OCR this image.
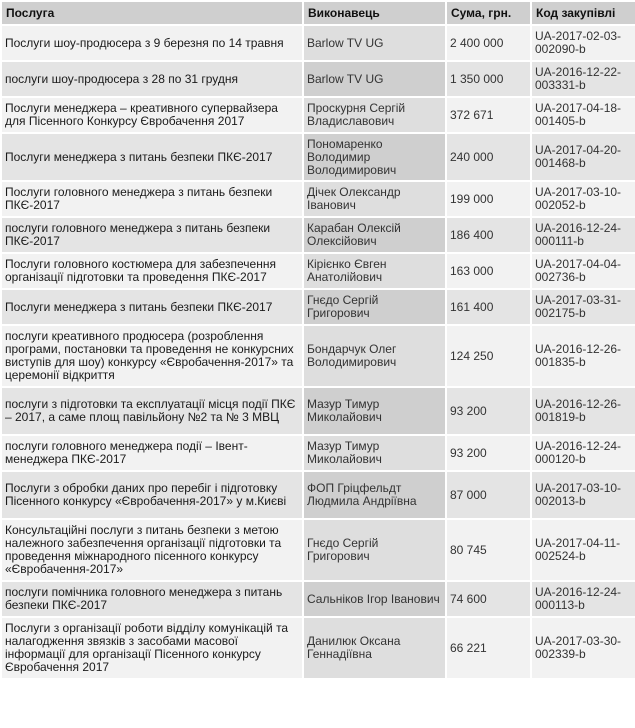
Послуга	Виконавець	Сума, грн.	Код закупівлі
Послуги шоу-продюсера з 9 березня по 14 травня	Barlow TV UG	2 400 000	UA-2017-02-03-002090-b
послуги шоу-продюсера з 28 по 31 грудня	Barlow TV UG	1 350 000	UA-2016-12-22-003331-b
Послуги менеджера – креативного супервайзера для Пісенного Конкурсу Євробачення 2017	Проскурня Сергій Владиславович	372 671	UA-2017-04-18-001405-b
Послуги менеджера з питань безпеки ПКЄ-2017	Пономаренко Володимир Володимирович	240 000	UA-2017-04-20-001468-b
Послуги головного менеджера з питань безпеки ПКЄ-2017	Дічек Олександр Іванович	199 000	UA-2017-03-10-002052-b
послуги головного менеджера з питань безпеки ПКЄ-2017	Карабан Олексій Олексійович	186 400	UA-2016-12-24-000111-b
Послуги головного костюмера для забезпечення організації підготовки та проведення ПКЄ-2017	Кірієнко Євген Анатолійович	163 000	UA-2017-04-04-002736-b
Послуги менеджера з питань безпеки ПКЄ-2017	Гнєдо Сергій Григорович	161 400	UA-2017-03-31-002175-b
послуги креативного продюсера (розроблення програми, постановки та проведення не конкурсних виступів для шоу) конкурсу «Євробачення-2017» та церемонії відкриття	Бондарчук Олег Володимирович	124 250	UA-2016-12-26-001835-b
послуги з підготовки та експлуатації місця події ПКЄ – 2017, а саме площ павільйону №2 та № 3 МВЦ	Мазур Тимур Миколайович	93 200	UA-2016-12-26-001819-b
послуги головного менеджера події – Івент-менеджера ПКЄ-2017	Мазур Тимур Миколайович	93 200	UA-2016-12-24-000120-b
Послуги з обробки даних про перебіг і підготовку Пісенного конкурсу «Євробачення-2017» у м.Києві	ФОП Гріцфельдт Людмила Андріївна	87 000	UA-2017-03-10-002013-b
Консультаційні послуги з питань безпеки з метою належного забезпечення організації підготовки та проведення міжнародного пісенного конкурсу «Євробачення-2017»	Гнєдо Сергій Григорович	80 745	UA-2017-04-11-002524-b
послуги помічника головного менеджера з питань безпеки ПКЄ-2017	Сальніков Ігор Іванович	74 600	UA-2016-12-24-000113-b
Послуги з організації роботи відділу комунікацій та налагодження звязків з засобами масової інформації для організації Пісенного конкурсу Євробачення 2017	Данилюк Оксана Геннадіївна	66 221	UA-2017-03-30-002339-b
